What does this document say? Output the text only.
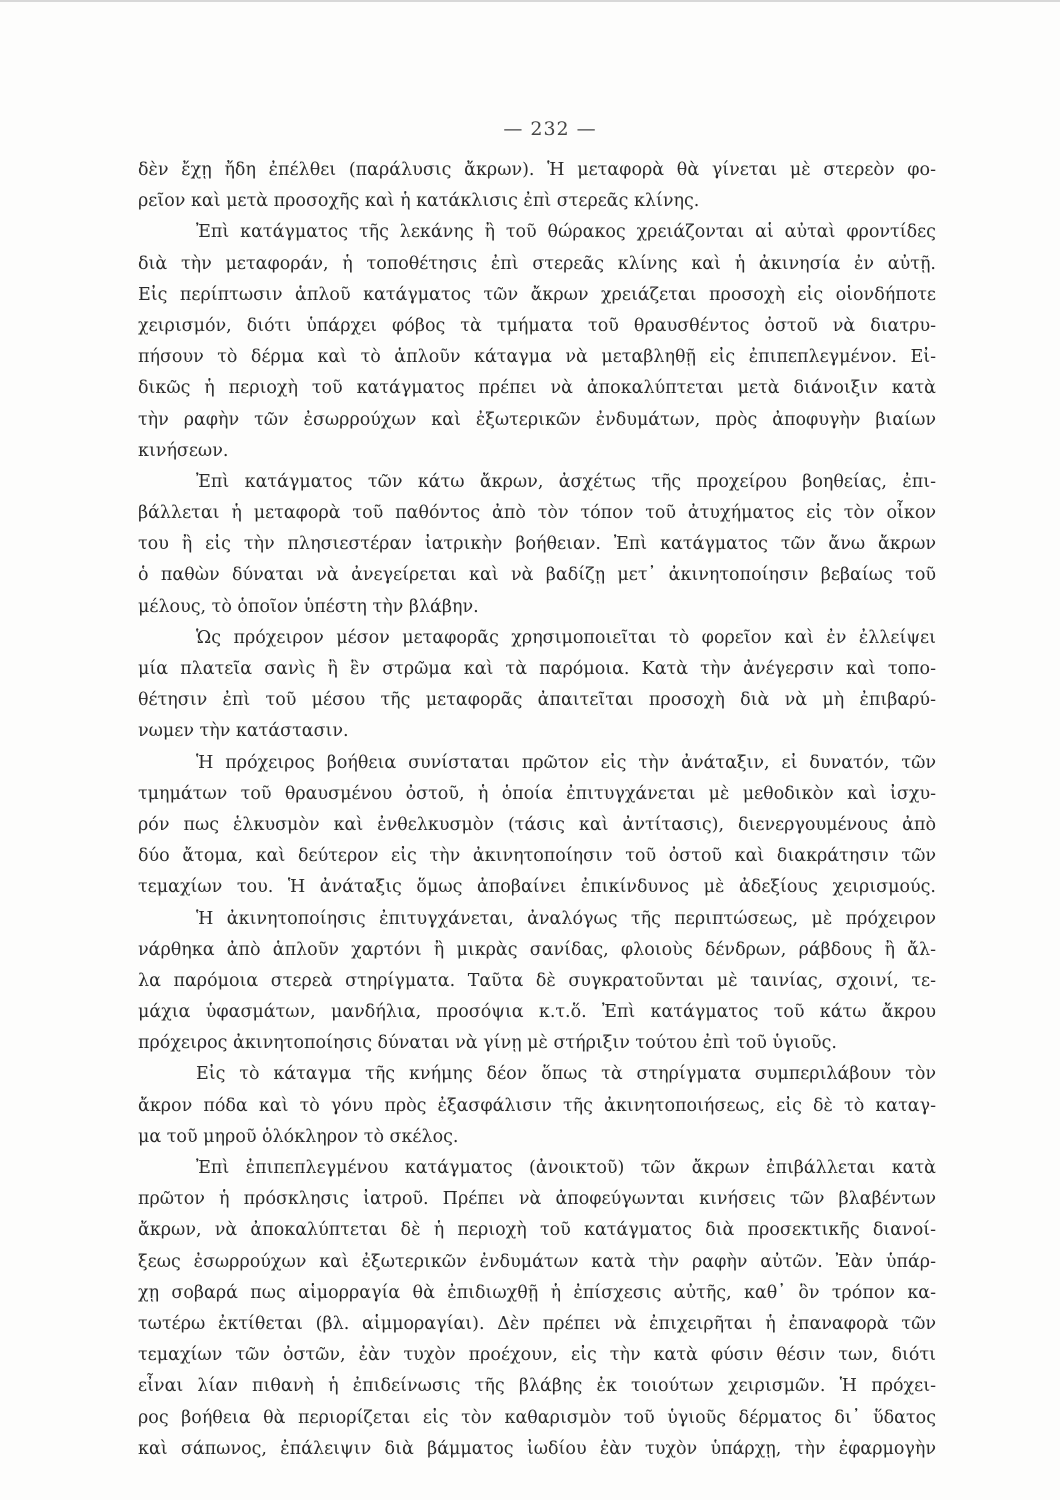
— 232 —
δὲν ἔχῃ ἤδη ἐπέλθει (παράλυσις ἄκρων). Ἡ μεταφορὰ θὰ γίνεται μὲ στερεὸν φο-
ρεῖον καὶ μετὰ προσοχῆς καὶ ἡ κατάκλισις ἐπὶ στερεᾶς κλίνης.
Ἐπὶ κατάγματος τῆς λεκάνης ἢ τοῦ θώρακος χρειάζονται αἱ αὐταὶ φροντίδες
διὰ τὴν μεταφοράν, ἡ τοποθέτησις ἐπὶ στερεᾶς κλίνης καὶ ἡ ἀκινησία ἐν αὐτῇ.
Εἰς περίπτωσιν ἁπλοῦ κατάγματος τῶν ἄκρων χρειάζεται προσοχὴ εἰς οἱονδήποτε
χειρισμόν, διότι ὑπάρχει φόβος τὰ τμήματα τοῦ θραυσθέντος ὀστοῦ νὰ διατρυ-
πήσουν τὸ δέρμα καὶ τὸ ἁπλοῦν κάταγμα νὰ μεταβληθῇ εἰς ἐπιπεπλεγμένον. Εἰ-
δικῶς ἡ περιοχὴ τοῦ κατάγματος πρέπει νὰ ἀποκαλύπτεται μετὰ διάνοιξιν κατὰ
τὴν ραφὴν τῶν ἐσωρρούχων καὶ ἐξωτερικῶν ἐνδυμάτων, πρὸς ἀποφυγὴν βιαίων
κινήσεων.
Ἐπὶ κατάγματος τῶν κάτω ἄκρων, ἀσχέτως τῆς προχείρου βοηθείας, ἐπι-
βάλλεται ἡ μεταφορὰ τοῦ παθόντος ἀπὸ τὸν τόπον τοῦ ἀτυχήματος εἰς τὸν οἶκον
του ἢ εἰς τὴν πλησιεστέραν ἰατρικὴν βοήθειαν. Ἐπὶ κατάγματος τῶν ἄνω ἄκρων
ὁ παθὼν δύναται νὰ ἀνεγείρεται καὶ νὰ βαδίζῃ μετ᾽ ἀκινητοποίησιν βεβαίως τοῦ
μέλους, τὸ ὁποῖον ὑπέστη τὴν βλάβην.
Ὡς πρόχειρον μέσον μεταφορᾶς χρησιμοποιεῖται τὸ φορεῖον καὶ ἐν ἐλλείψει
μία πλατεῖα σανὶς ἢ ἓν στρῶμα καὶ τὰ παρόμοια. Κατὰ τὴν ἀνέγερσιν καὶ τοπο-
θέτησιν ἐπὶ τοῦ μέσου τῆς μεταφορᾶς ἀπαιτεῖται προσοχὴ διὰ νὰ μὴ ἐπιβαρύ-
νωμεν τὴν κατάστασιν.
Ἡ πρόχειρος βοήθεια συνίσταται πρῶτον εἰς τὴν ἀνάταξιν, εἰ δυνατόν, τῶν
τμημάτων τοῦ θραυσμένου ὀστοῦ, ἡ ὁποία ἐπιτυγχάνεται μὲ μεθοδικὸν καὶ ἰσχυ-
ρόν πως ἑλκυσμὸν καὶ ἐνθελκυσμὸν (τάσις καὶ ἀντίτασις), διενεργουμένους ἀπὸ
δύο ἄτομα, καὶ δεύτερον εἰς τὴν ἀκινητοποίησιν τοῦ ὀστοῦ καὶ διακράτησιν τῶν
τεμαχίων του. Ἡ ἀνάταξις ὅμως ἀποβαίνει ἐπικίνδυνος μὲ ἀδεξίους χειρισμούς.
Ἡ ἀκινητοποίησις ἐπιτυγχάνεται, ἀναλόγως τῆς περιπτώσεως, μὲ πρόχειρον
νάρθηκα ἀπὸ ἁπλοῦν χαρτόνι ἢ μικρὰς σανίδας, φλοιοὺς δένδρων, ράβδους ἢ ἄλ-
λα παρόμοια στερεὰ στηρίγματα. Ταῦτα δὲ συγκρατοῦνται μὲ ταινίας, σχοινί, τε-
μάχια ὑφασμάτων, μανδήλια, προσόψια κ.τ.ὅ. Ἐπὶ κατάγματος τοῦ κάτω ἄκρου
πρόχειρος ἀκινητοποίησις δύναται νὰ γίνῃ μὲ στήριξιν τούτου ἐπὶ τοῦ ὑγιοῦς.
Εἰς τὸ κάταγμα τῆς κνήμης δέον ὅπως τὰ στηρίγματα συμπεριλάβουν τὸν
ἄκρον πόδα καὶ τὸ γόνυ πρὸς ἐξασφάλισιν τῆς ἀκινητοποιήσεως, εἰς δὲ τὸ καταγ-
μα τοῦ μηροῦ ὁλόκληρον τὸ σκέλος.
Ἐπὶ ἐπιπεπλεγμένου κατάγματος (ἀνοικτοῦ) τῶν ἄκρων ἐπιβάλλεται κατὰ
πρῶτον ἡ πρόσκλησις ἰατροῦ. Πρέπει νὰ ἀποφεύγωνται κινήσεις τῶν βλαβέντων
ἄκρων, νὰ ἀποκαλύπτεται δὲ ἡ περιοχὴ τοῦ κατάγματος διὰ προσεκτικῆς διανοί-
ξεως ἐσωρρούχων καὶ ἐξωτερικῶν ἐνδυμάτων κατὰ τὴν ραφὴν αὐτῶν. Ἐὰν ὑπάρ-
χῃ σοβαρά πως αἱμορραγία θὰ ἐπιδιωχθῇ ἡ ἐπίσχεσις αὐτῆς, καθ᾽ ὃν τρόπον κα-
τωτέρω ἐκτίθεται (βλ. αἱμμοραγίαι). Δὲν πρέπει νὰ ἐπιχειρῆται ἡ ἐπαναφορὰ τῶν
τεμαχίων τῶν ὀστῶν, ἐὰν τυχὸν προέχουν, εἰς τὴν κατὰ φύσιν θέσιν των, διότι
εἶναι λίαν πιθανὴ ἡ ἐπιδείνωσις τῆς βλάβης ἐκ τοιούτων χειρισμῶν. Ἡ πρόχει-
ρος βοήθεια θὰ περιορίζεται εἰς τὸν καθαρισμὸν τοῦ ὑγιοῦς δέρματος δι᾽ ὕδατος
καὶ σάπωνος, ἐπάλειψιν διὰ βάμματος ἰωδίου ἐὰν τυχὸν ὑπάρχῃ, τὴν ἐφαρμογὴν
